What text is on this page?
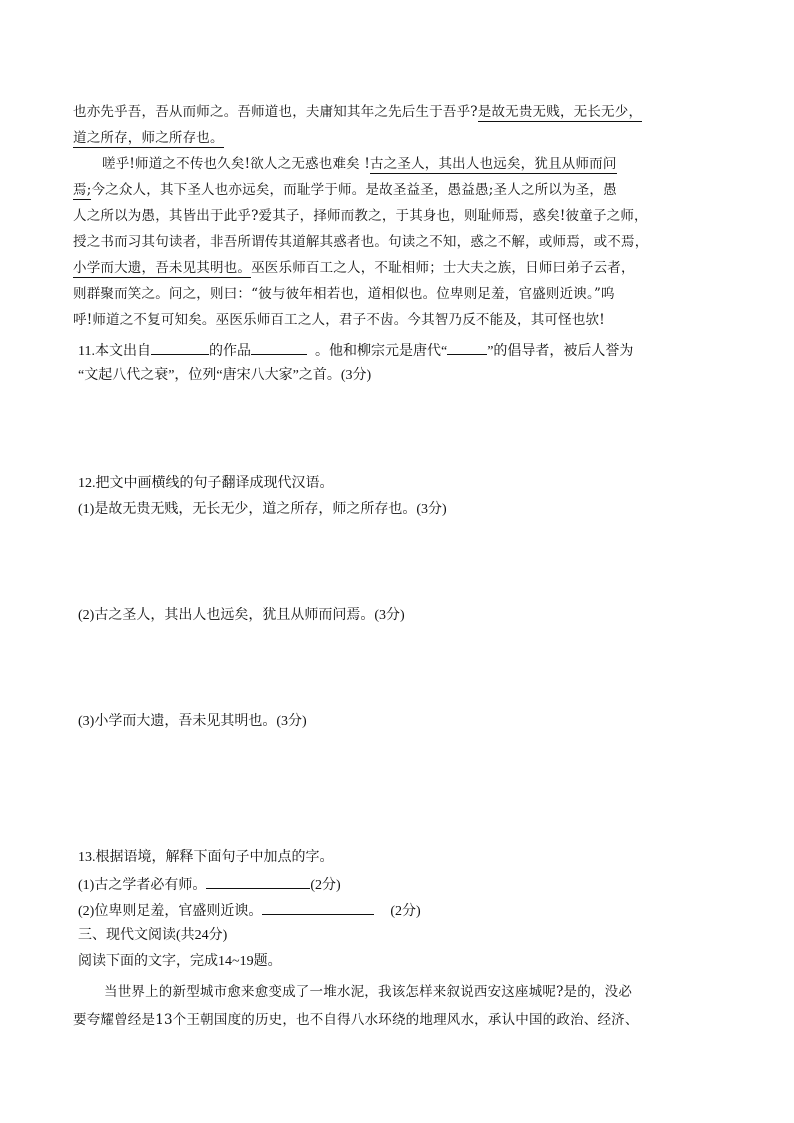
也亦先乎吾，吾从而师之。吾师道也，夫庸知其年之先后生于吾乎?是故无贵无贱，无长无少，
道之所存，师之所存也。
嗟乎!师道之不传也久矣!欲人之无惑也难矣 !古之圣人，其出人也远矣，犹且从师而问
焉;今之众人，其下圣人也亦远矣，而耻学于师。是故圣益圣，愚益愚;圣人之所以为圣，愚
人之所以为愚，其皆出于此乎?爱其子，择师而教之，于其身也，则耻师焉，惑矣!彼童子之师，
授之书而习其句读者，非吾所谓传其道解其惑者也。句读之不知，惑之不解，或师焉，或不焉，
小学而大遗，吾未见其明也。巫医乐师百工之人，不耻相师；士大夫之族，日师曰弟子云者，
则群聚而笑之。问之，则曰：“彼与彼年相若也，道相似也。位卑则足羞，官盛则近谀。”呜
呼!师道之不复可知矣。巫医乐师百工之人，君子不齿。今其智乃反不能及，其可怪也欤!
11.本文出自	的作品	。他和柳宗元是唐代“	”的倡导者，被后人誉为
“文起八代之衰”，位列“唐宋八大家”之首。(3分)
12.把文中画横线的句子翻译成现代汉语。
(1)是故无贵无贱，无长无少，道之所存，师之所存也。(3分)
(2)古之圣人，其出人也远矣，犹且从师而问焉。(3分)
(3)小学而大遗，吾未见其明也。(3分)
13.根据语境，解释下面句子中加点的字。
(1)古之学者必有师。	(2分)
(2)位卑则足羞，官盛则近谀。	(2分)
三、现代文阅读(共24分)
阅读下面的文字，完成14~19题。
当世界上的新型城市愈来愈变成了一堆水泥，我该怎样来叙说西安这座城呢?是的，没必
要夸耀曾经是13个王朝国度的历史，也不自得八水环绕的地理风水，承认中国的政治、经济、
